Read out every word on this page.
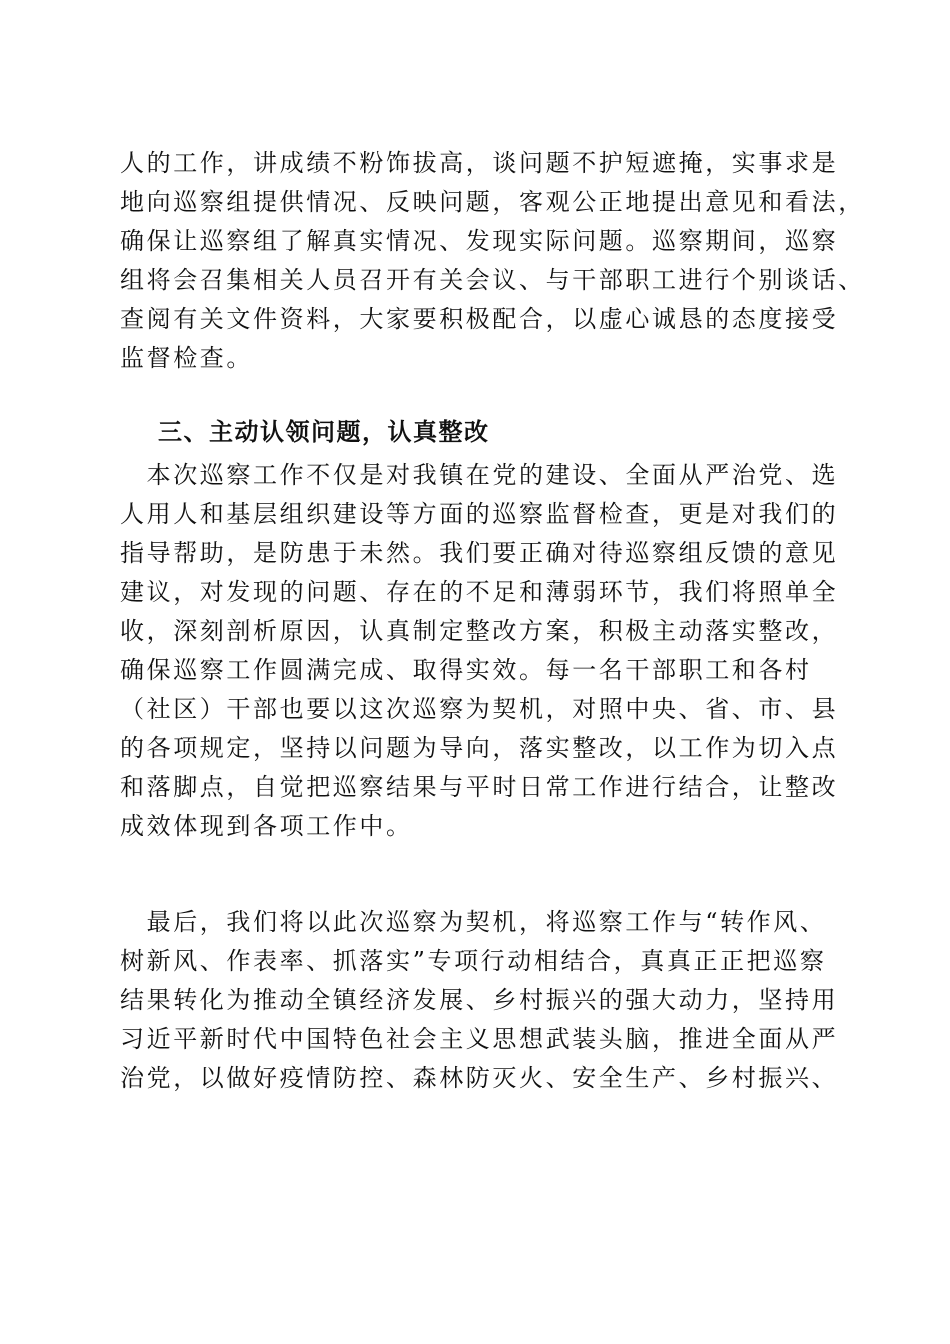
人的工作，讲成绩不粉饰拔高，谈问题不护短遮掩，实事求是
地向巡察组提供情况、反映问题，客观公正地提出意见和看法，
确保让巡察组了解真实情况、发现实际问题。巡察期间，巡察
组将会召集相关人员召开有关会议、与干部职工进行个别谈话、
查阅有关文件资料，大家要积极配合，以虚心诚恳的态度接受
监督检查。
三、主动认领问题，认真整改
　本次巡察工作不仅是对我镇在党的建设、全面从严治党、选
人用人和基层组织建设等方面的巡察监督检查，更是对我们的
指导帮助，是防患于未然。我们要正确对待巡察组反馈的意见
建议，对发现的问题、存在的不足和薄弱环节，我们将照单全
收，深刻剖析原因，认真制定整改方案，积极主动落实整改，
确保巡察工作圆满完成、取得实效。每一名干部职工和各村
（社区）干部也要以这次巡察为契机，对照中央、省、市、县
的各项规定，坚持以问题为导向，落实整改，以工作为切入点
和落脚点，自觉把巡察结果与平时日常工作进行结合，让整改
成效体现到各项工作中。
　最后，我们将以此次巡察为契机，将巡察工作与“转作风、
树新风、作表率、抓落实”专项行动相结合，真真正正把巡察
结果转化为推动全镇经济发展、乡村振兴的强大动力，坚持用
习近平新时代中国特色社会主义思想武装头脑，推进全面从严
治党，以做好疫情防控、森林防灭火、安全生产、乡村振兴、
